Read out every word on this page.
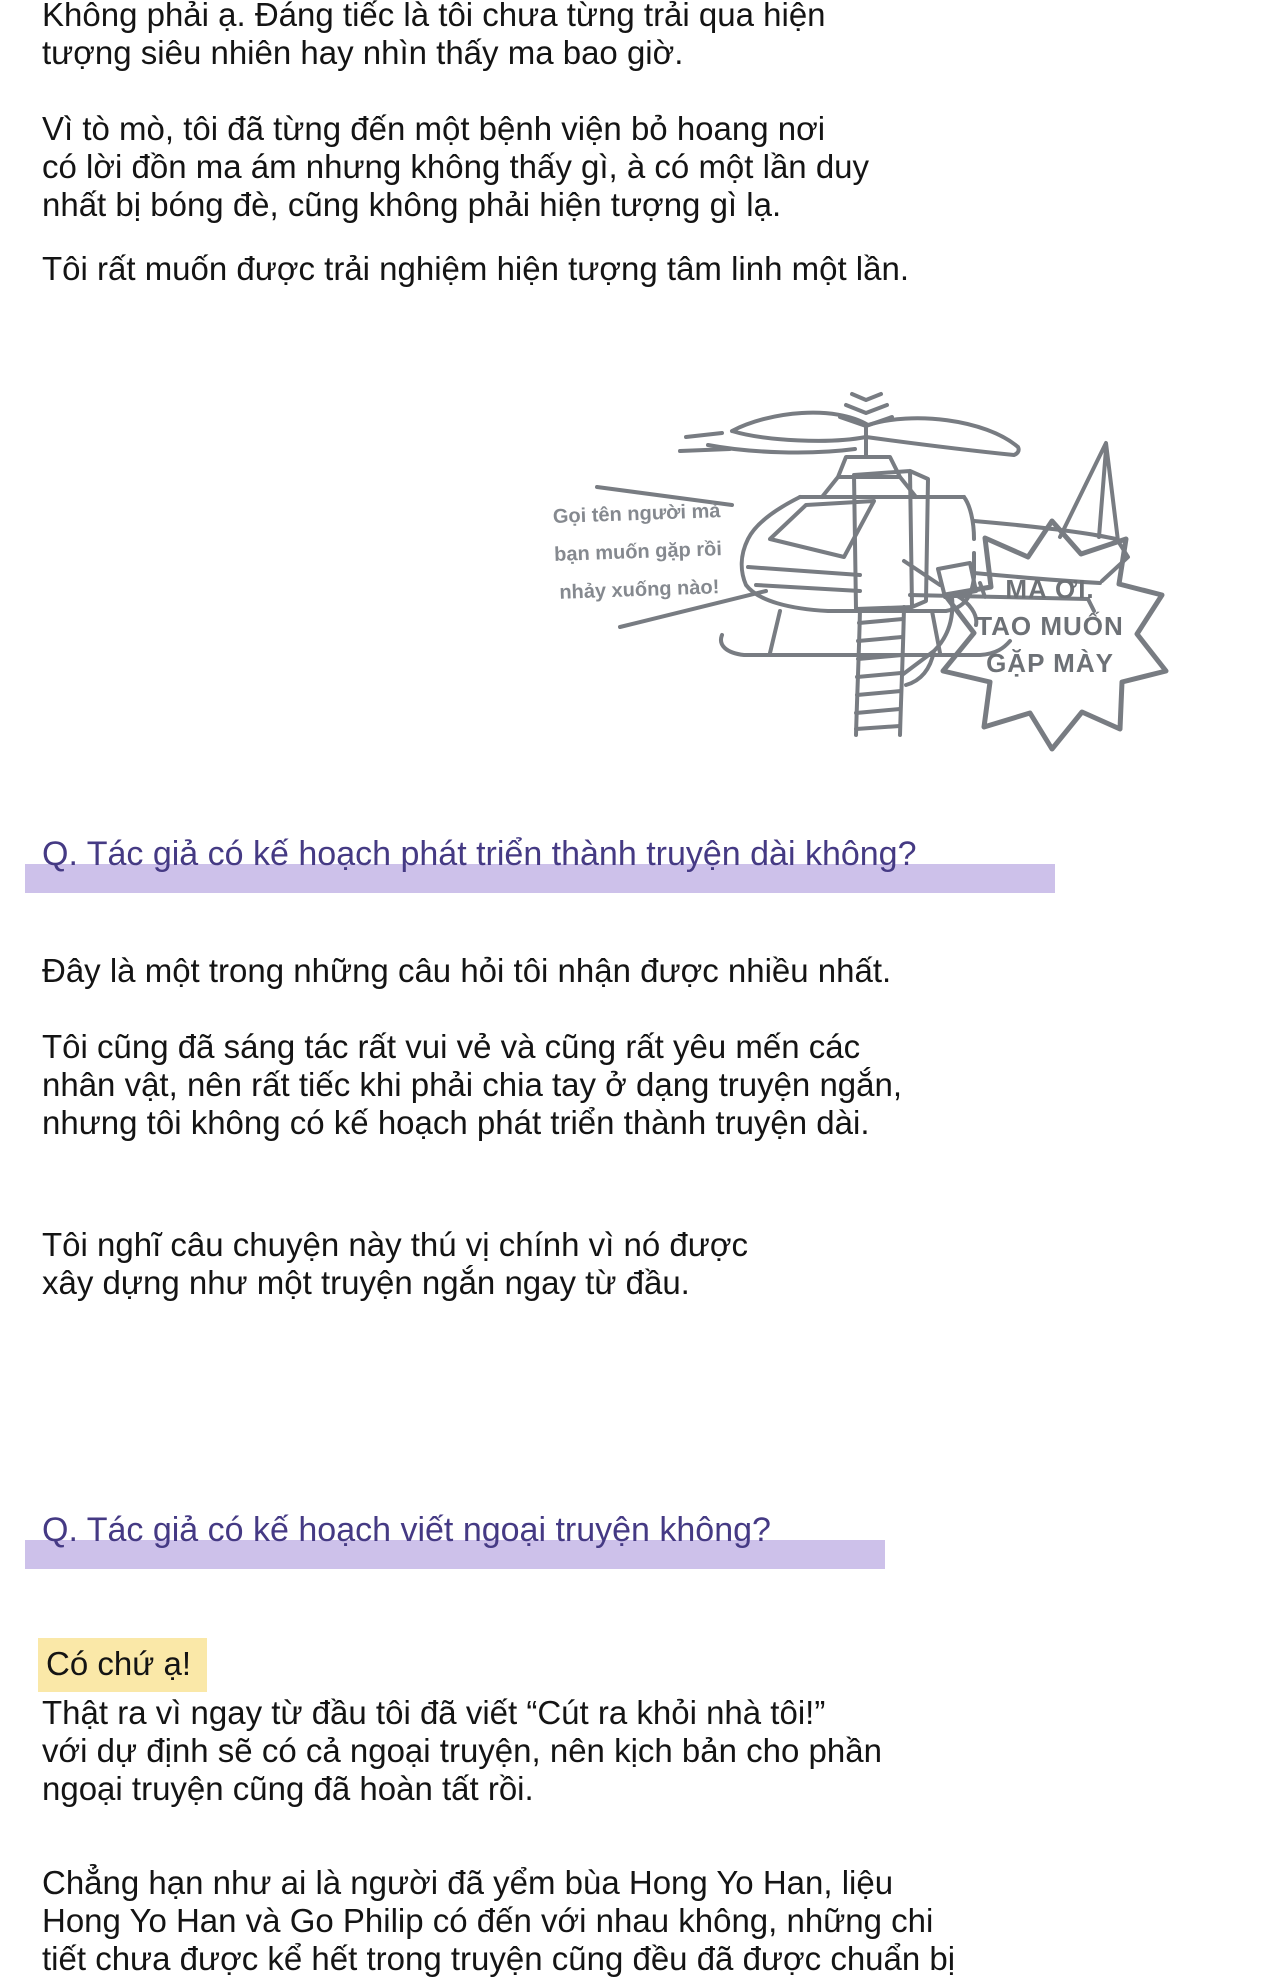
Không phải ạ. Đáng tiếc là tôi chưa từng trải qua hiện
tượng siêu nhiên hay nhìn thấy ma bao giờ.
Vì tò mò, tôi đã từng đến một bệnh viện bỏ hoang nơi
có lời đồn ma ám nhưng không thấy gì, à có một lần duy
nhất bị bóng đè, cũng không phải hiện tượng gì lạ.
Tôi rất muốn được trải nghiệm hiện tượng tâm linh một lần.
Gọi tên người mà
bạn muốn gặp rồi
nhảy xuống nào!	MA ƠI.
TAO MUỐN
GẶP MÀY
Q. Tác giả có kế hoạch phát triển thành truyện dài không?
Đây là một trong những câu hỏi tôi nhận được nhiều nhất.
Tôi cũng đã sáng tác rất vui vẻ và cũng rất yêu mến các
nhân vật, nên rất tiếc khi phải chia tay ở dạng truyện ngắn,
nhưng tôi không có kế hoạch phát triển thành truyện dài.
Tôi nghĩ câu chuyện này thú vị chính vì nó được
xây dựng như một truyện ngắn ngay từ đầu.
Q. Tác giả có kế hoạch viết ngoại truyện không?
Có chứ ạ!
Thật ra vì ngay từ đầu tôi đã viết “Cút ra khỏi nhà tôi!”
với dự định sẽ có cả ngoại truyện, nên kịch bản cho phần
ngoại truyện cũng đã hoàn tất rồi.
Chẳng hạn như ai là người đã yểm bùa Hong Yo Han, liệu
Hong Yo Han và Go Philip có đến với nhau không, những chi
tiết chưa được kể hết trong truyện cũng đều đã được chuẩn bị
